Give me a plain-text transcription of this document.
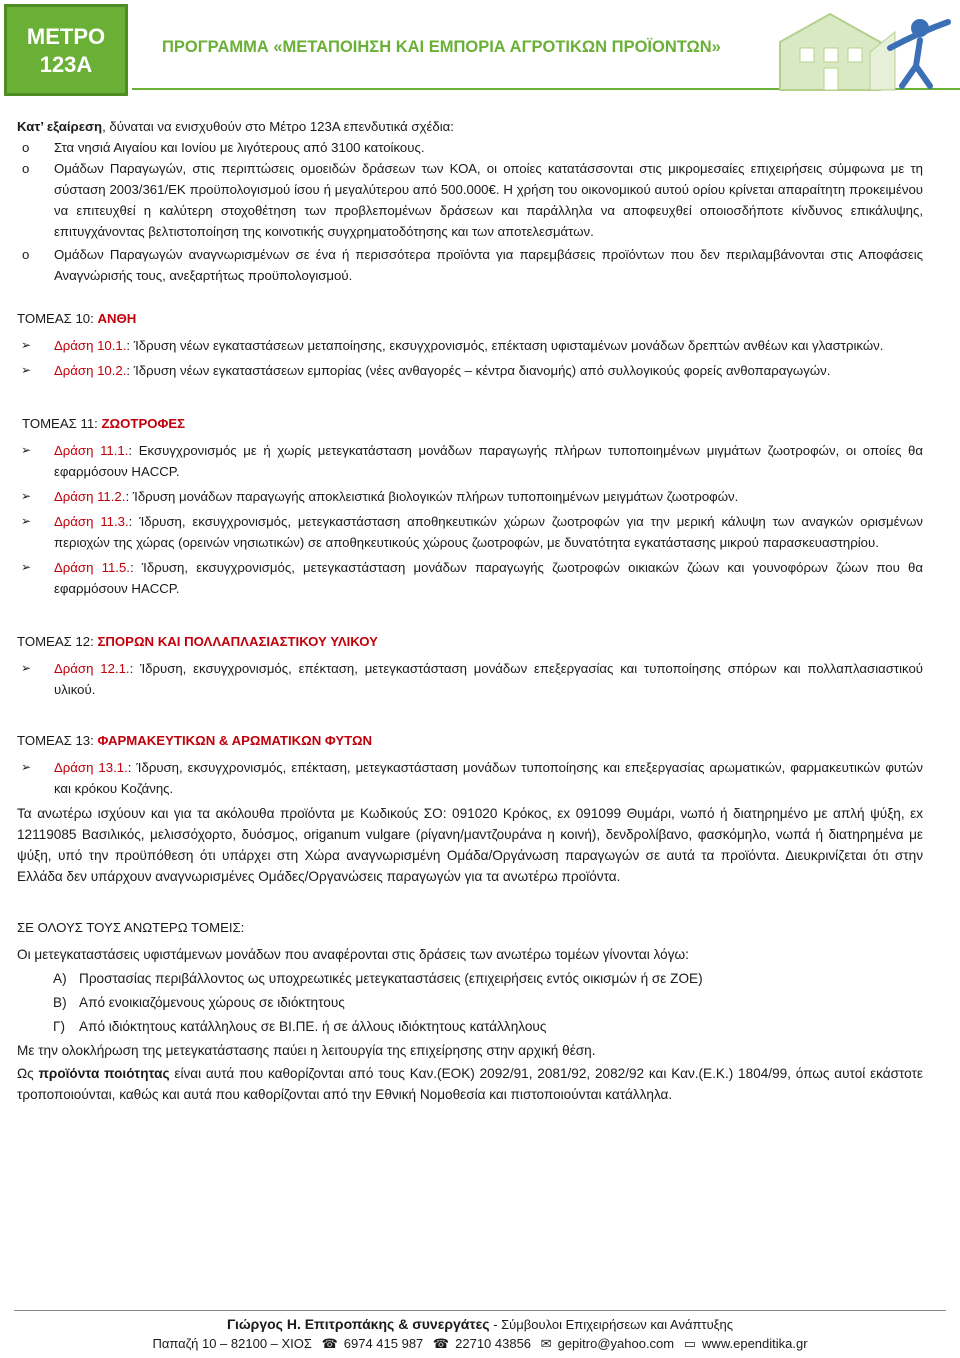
ΜΕΤΡΟ
123Α
ΠΡΟΓΡΑΜΜΑ «ΜΕΤΑΠΟΙΗΣΗ ΚΑΙ ΕΜΠΟΡΙΑ ΑΓΡΟΤΙΚΩΝ ΠΡΟΪΟΝΤΩΝ»

Κατ’ εξαίρεση, δύναται να ενισχυθούν στο Μέτρο 123Α επενδυτικά σχέδια:

o Στα νησιά Αιγαίου και Ιονίου με λιγότερους από 3100 κατοίκους.

o Ομάδων Παραγωγών, στις περιπτώσεις ομοειδών δράσεων των ΚΟΑ, οι οποίες κατατάσσονται στις μικρομεσαίες επιχειρήσεις σύμφωνα με τη σύσταση 2003/361/ΕΚ προϋπολογισμού ίσου ή μεγαλύτερου από 500.000€. Η χρήση του οικονομικού αυτού ορίου κρίνεται απαραίτητη προκειμένου να επιτευχθεί η καλύτερη στοχοθέτηση των προβλεπομένων δράσεων και παράλληλα να αποφευχθεί οποιοσδήποτε κίνδυνος επικάλυψης, επιτυγχάνοντας βελτιστοποίηση της κοινοτικής συγχρηματοδότησης και των αποτελεσμάτων.

o Ομάδων Παραγωγών αναγνωρισμένων σε ένα ή περισσότερα προϊόντα για παρεμβάσεις προϊόντων που δεν περιλαμβάνονται στις Αποφάσεις Αναγνώρισής τους, ανεξαρτήτως προϋπολογισμού.

ΤΟΜΕΑΣ 10: ΑΝΘΗ

➢ Δράση 10.1.: Ίδρυση νέων εγκαταστάσεων μεταποίησης, εκσυγχρονισμός, επέκταση υφισταμένων μονάδων δρεπτών ανθέων και γλαστρικών.

➢ Δράση 10.2.: Ίδρυση νέων εγκαταστάσεων εμπορίας (νέες ανθαγορές – κέντρα διανομής) από συλλογικούς φορείς ανθοπαραγωγών.

ΤΟΜΕΑΣ 11: ΖΩΟΤΡΟΦΕΣ

➢ Δράση 11.1.: Εκσυγχρονισμός με ή χωρίς μετεγκατάσταση μονάδων παραγωγής πλήρων τυποποιημένων μιγμάτων ζωοτροφών, οι οποίες θα εφαρμόσουν HACCP.

➢ Δράση 11.2.: Ίδρυση μονάδων παραγωγής αποκλειστικά βιολογικών πλήρων τυποποιημένων μειγμάτων ζωοτροφών.

➢ Δράση 11.3.: Ίδρυση, εκσυγχρονισμός, μετεγκαστάσταση αποθηκευτικών χώρων ζωοτροφών για την μερική κάλυψη των αναγκών ορισμένων περιοχών της χώρας (ορεινών νησιωτικών) σε αποθηκευτικούς χώρους ζωοτροφών, με δυνατότητα εγκατάστασης μικρού παρασκευαστηρίου.

➢ Δράση 11.5.: Ίδρυση, εκσυγχρονισμός, μετεγκαστάσταση μονάδων παραγωγής ζωοτροφών οικιακών ζώων και γουνοφόρων ζώων που θα εφαρμόσουν HACCP.

ΤΟΜΕΑΣ 12: ΣΠΟΡΩΝ ΚΑΙ ΠΟΛΛΑΠΛΑΣΙΑΣΤΙΚΟΥ ΥΛΙΚΟΥ

➢ Δράση 12.1.: Ίδρυση, εκσυγχρονισμός, επέκταση, μετεγκαστάσταση μονάδων επεξεργασίας και τυποποίησης σπόρων και πολλαπλασιαστικού υλικού.

ΤΟΜΕΑΣ 13: ΦΑΡΜΑΚΕΥΤΙΚΩΝ & ΑΡΩΜΑΤΙΚΩΝ ΦΥΤΩΝ

➢ Δράση 13.1.: Ίδρυση, εκσυγχρονισμός, επέκταση, μετεγκαστάσταση μονάδων τυποποίησης και επεξεργασίας αρωματικών, φαρμακευτικών φυτών και κρόκου Κοζάνης.

Τα ανωτέρω ισχύουν και για τα ακόλουθα προϊόντα με Κωδικούς ΣΟ: 091020 Κρόκος, εx 091099 Θυμάρι, νωπό ή διατηρημένο με απλή ψύξη, εx 12119085 Βασιλικός, μελισσόχορτο, δυόσμος, origanum vulgare (ρίγανη/μαντζουράνα η κοινή), δενδρολίβανο, φασκόμηλο, νωπά ή διατηρημένα με ψύξη, υπό την προϋπόθεση ότι υπάρχει στη Χώρα αναγνωρισμένη Ομάδα/Οργάνωση παραγωγών σε αυτά τα προϊόντα. Διευκρινίζεται ότι στην Ελλάδα δεν υπάρχουν αναγνωρισμένες Ομάδες/Οργανώσεις παραγωγών για τα ανωτέρω προϊόντα.

ΣΕ ΟΛΟΥΣ ΤΟΥΣ ΑΝΩΤΕΡΩ ΤΟΜΕΙΣ:

Οι μετεγκαταστάσεις υφιστάμενων μονάδων που αναφέρονται στις δράσεις των ανωτέρω τομέων γίνονται λόγω:

Α) Προστασίας περιβάλλοντος ως υποχρεωτικές μετεγκαταστάσεις (επιχειρήσεις εντός οικισμών ή σε ΖΟΕ)
Β) Από ενοικιαζόμενους χώρους σε ιδιόκτητους
Γ) Από ιδιόκτητους κατάλληλους σε ΒΙ.ΠΕ. ή σε άλλους ιδιόκτητους κατάλληλους

Με την ολοκλήρωση της μετεγκατάστασης παύει η λειτουργία της επιχείρησης στην αρχική θέση.

Ως προϊόντα ποιότητας είναι αυτά που καθορίζονται από τους Καν.(ΕΟΚ) 2092/91, 2081/92, 2082/92 και Καν.(Ε.Κ.) 1804/99, όπως αυτοί εκάστοτε τροποποιούνται, καθώς και αυτά που καθορίζονται από την Εθνική Νομοθεσία και πιστοποιούνται κατάλληλα.

Γιώργος Η. Επιτροπάκης & συνεργάτες - Σύμβουλοι Επιχειρήσεων και Ανάπτυξης
Παπαζή 10 – 82100 – ΧΙΟΣ ☎ 6974 415 987 ☎ 22710 43856 ✉ gepitro@yahoo.com ▭ www.ependitika.gr
